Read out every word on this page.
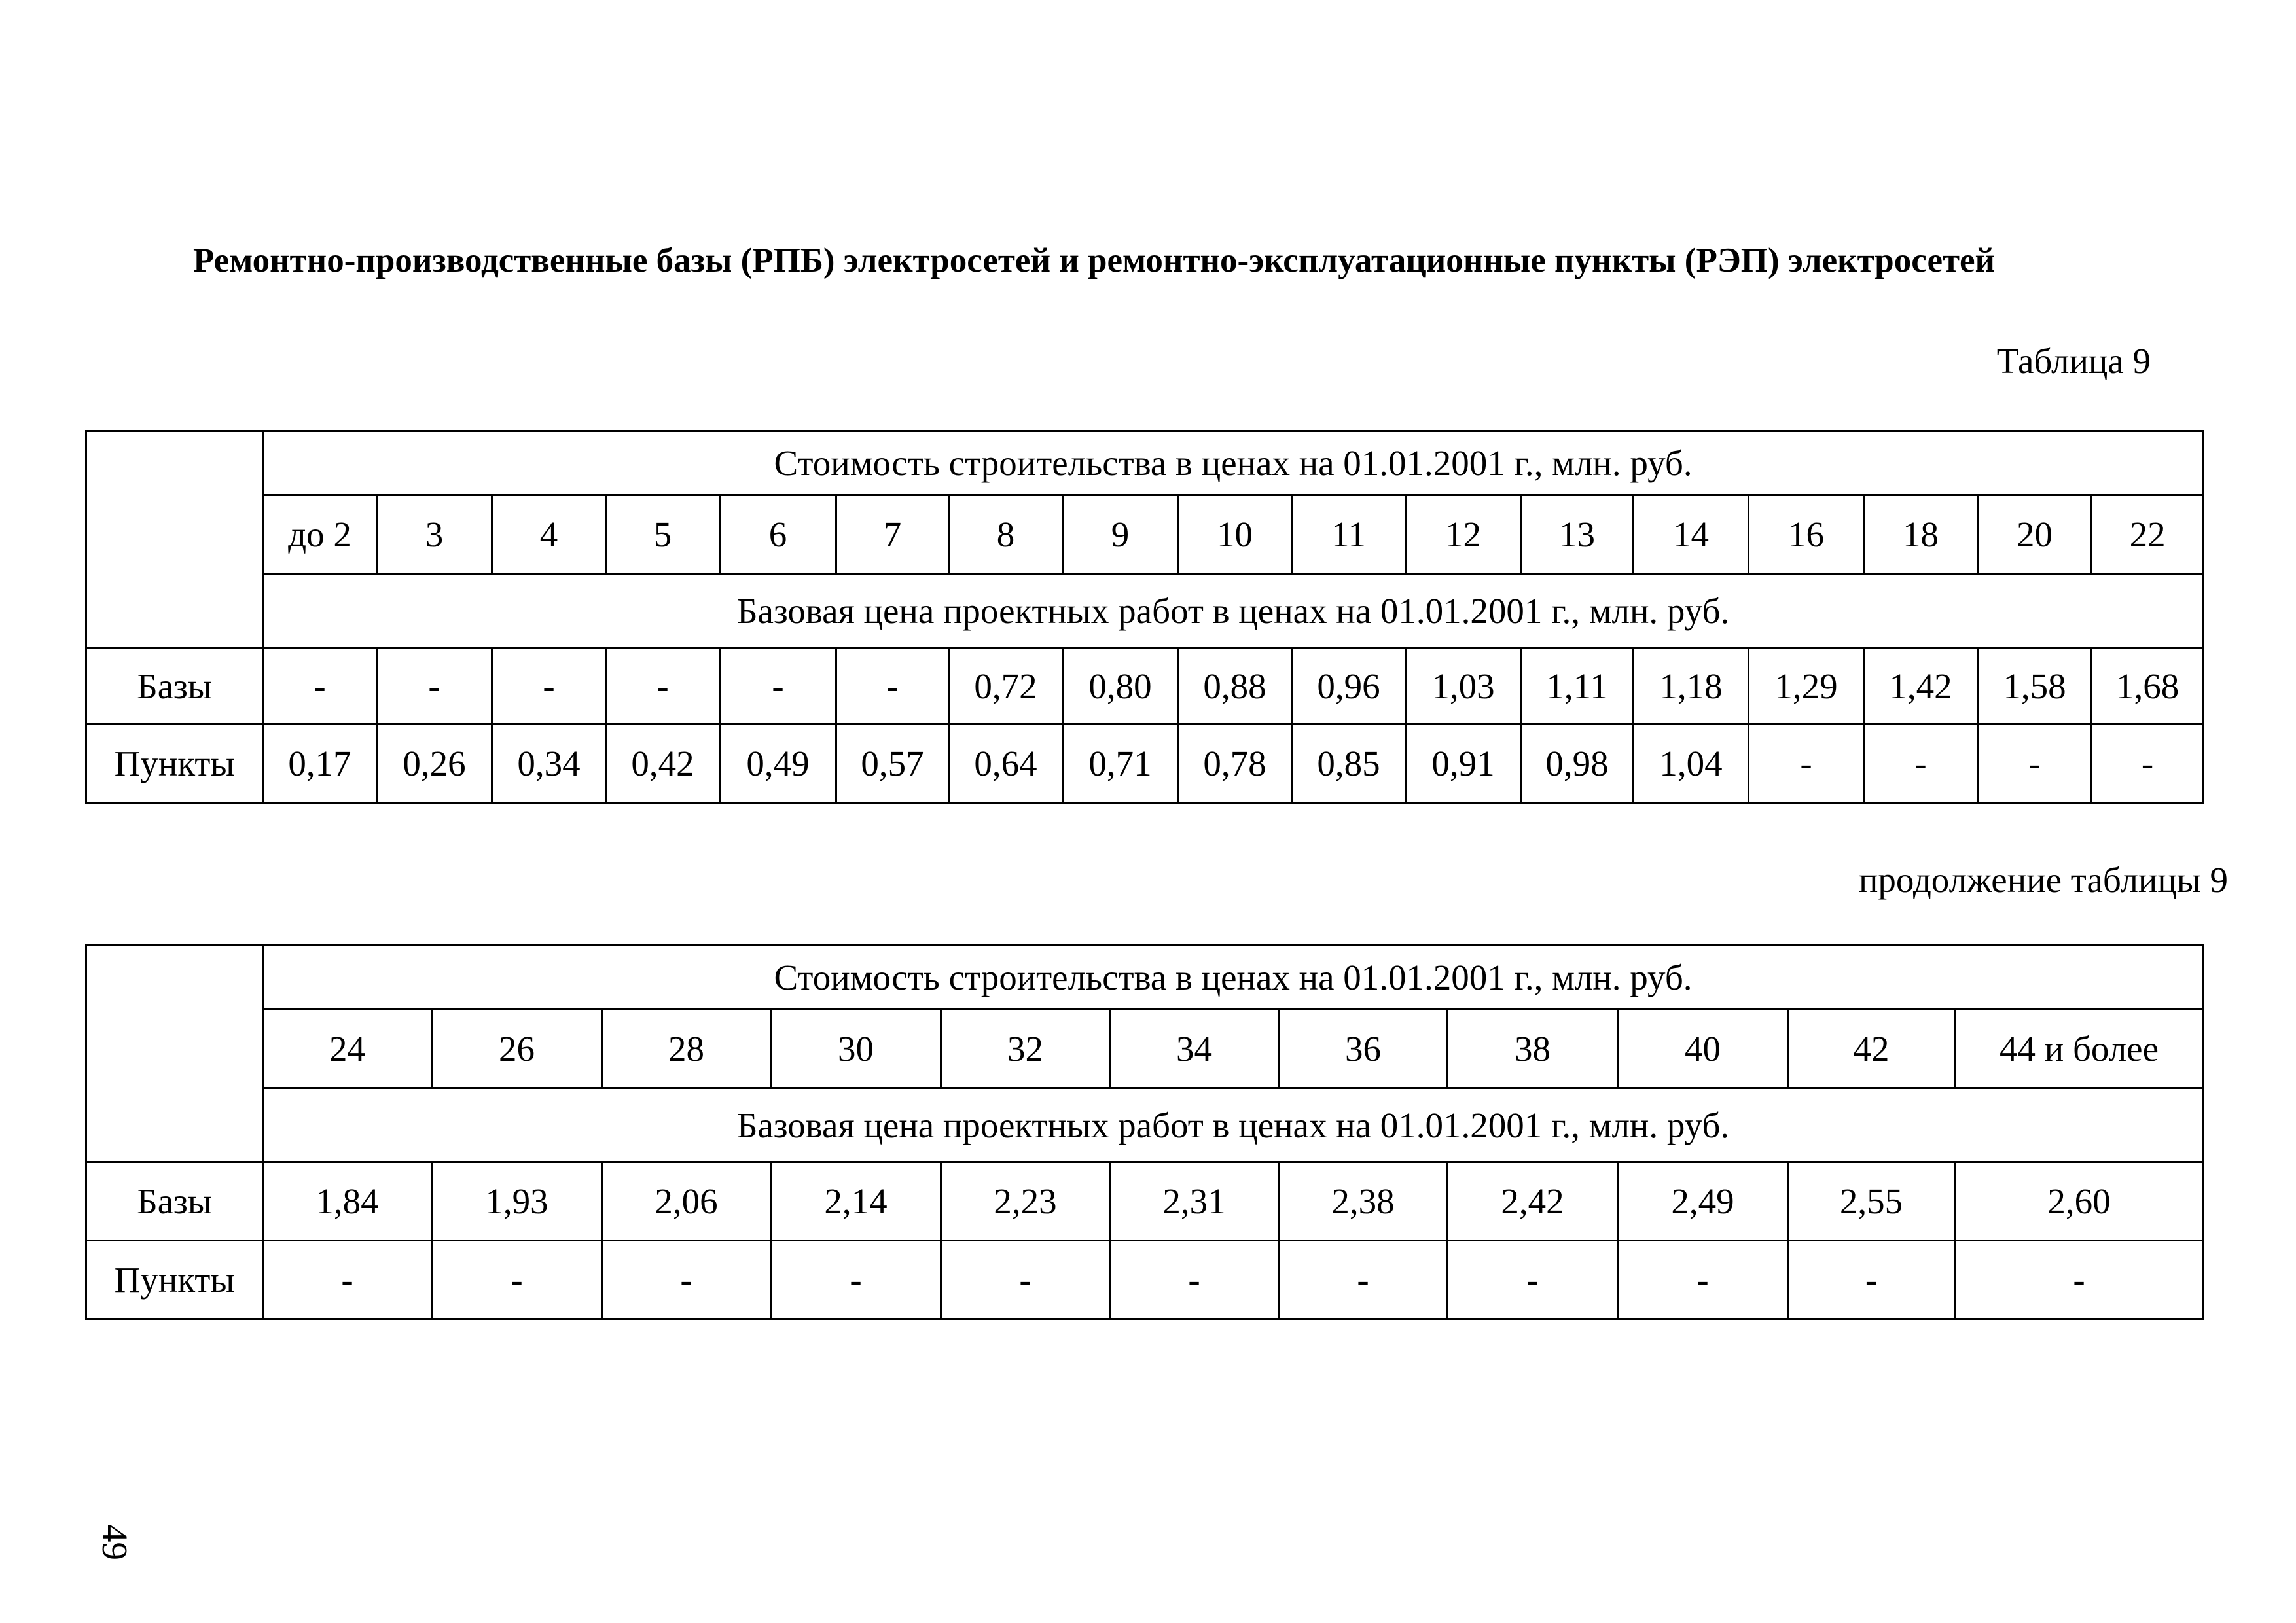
Ремонтно-производственные базы (РПБ) электросетей и ремонтно-эксплуатационные пункты (РЭП) электросетей
Таблица 9
	Стоимость строительства в ценах на 01.01.2001 г., млн. руб.																
	до 2	3	4	5	6	7	8	9	10	11	12	13	14	16	18	20	22
	Базовая цена проектных работ в ценах на 01.01.2001 г., млн. руб.																
Базы	-	-	-	-	-	-	0,72	0,80	0,88	0,96	1,03	1,11	1,18	1,29	1,42	1,58	1,68
Пункты	0,17	0,26	0,34	0,42	0,49	0,57	0,64	0,71	0,78	0,85	0,91	0,98	1,04	-	-	-	-
продолжение таблицы 9
	Стоимость строительства в ценах на 01.01.2001 г., млн. руб.										
	24	26	28	30	32	34	36	38	40	42	44 и более
	Базовая цена проектных работ в ценах на 01.01.2001 г., млн. руб.										
Базы	1,84	1,93	2,06	2,14	2,23	2,31	2,38	2,42	2,49	2,55	2,60
Пункты	-	-	-	-	-	-	-	-	-	-	-
49
